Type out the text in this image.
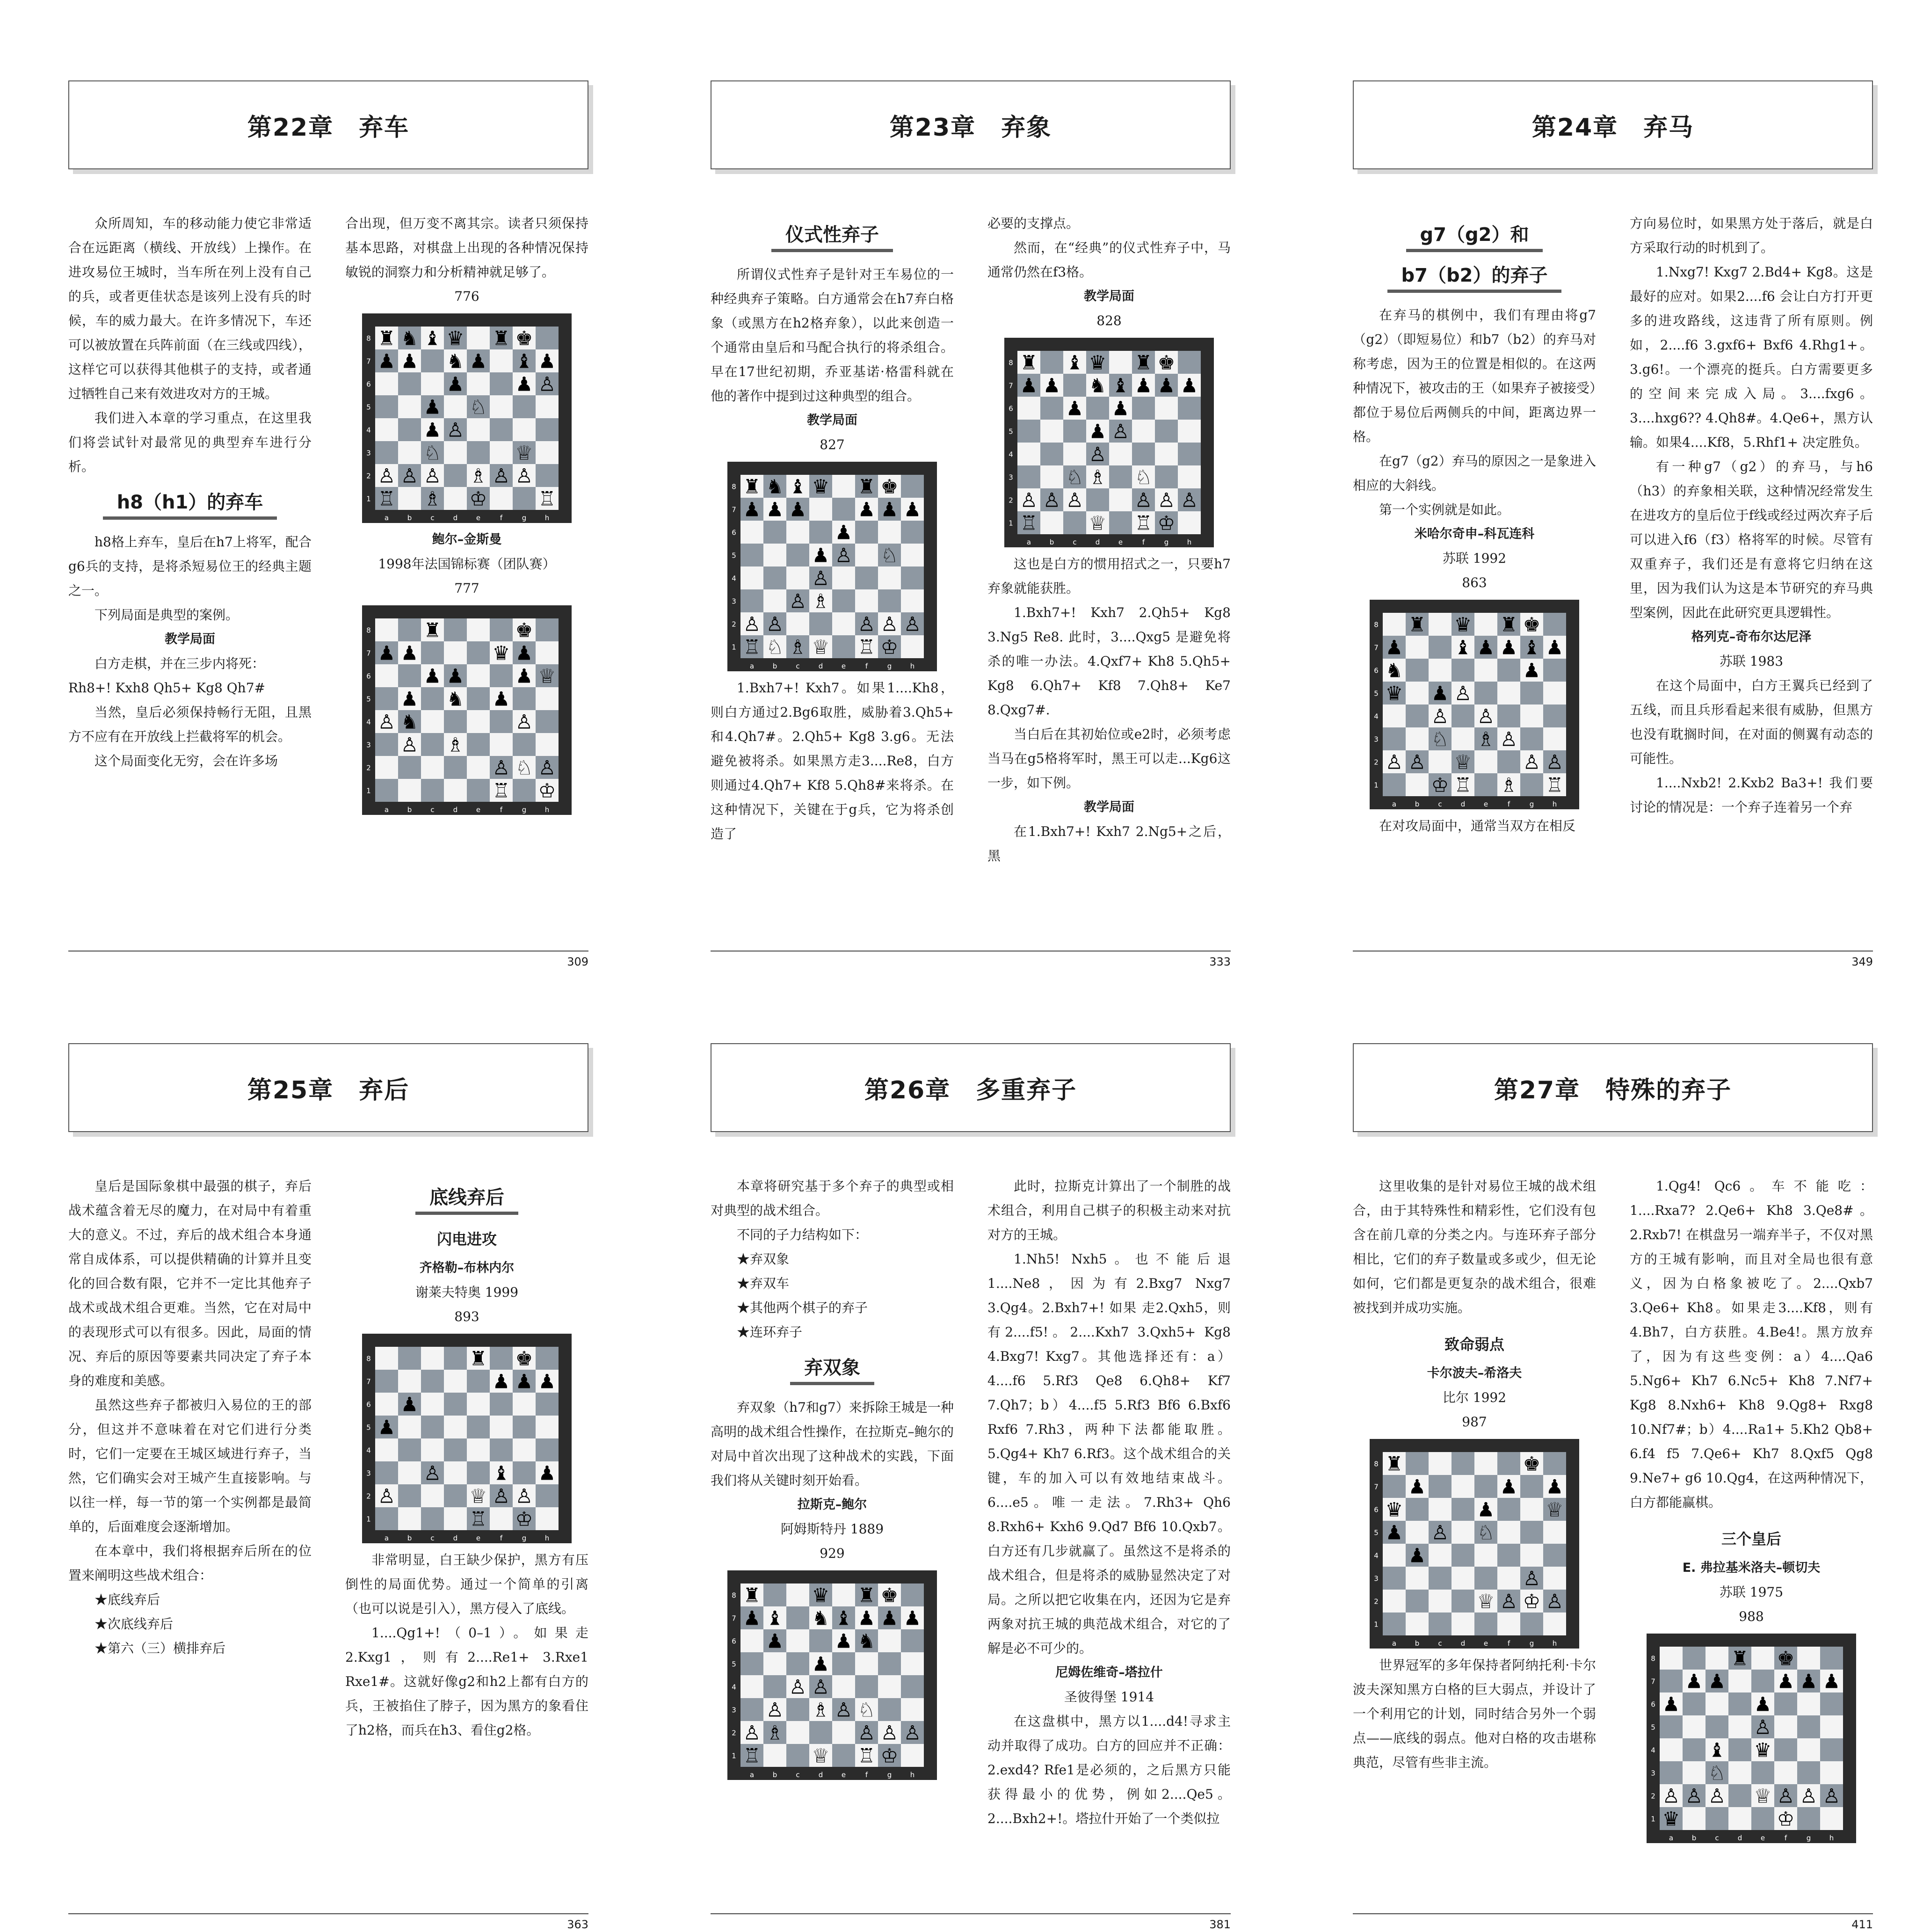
第22章　弃车

众所周知，车的移动能力使它非常适合在远距离（横线、开放线）上操作。在进攻易位王城时，当车所在列上没有自己的兵，或者更佳状态是该列上没有兵的时候，车的威力最大。在许多情况下，车还可以被放置在兵阵前面（在三线或四线），这样它可以获得其他棋子的支持，或者通过牺牲自己来有效进攻对方的王城。

我们进入本章的学习重点，在这里我们将尝试针对最常见的典型弃车进行分析。

h8（h1）的弃车

h8格上弃车，皇后在h7上将军，配合g6兵的支持，是将杀短易位王的经典主题之一。

下列局面是典型的案例。

教学局面

白方走棋，并在三步内将死：

Rh8+! Kxh8 Qh5+ Kg8 Qh7#

当然，皇后必须保持畅行无阻，且黑方不应有在开放线上拦截将军的机会。

这个局面变化无穷，会在许多场

合出现，但万变不离其宗。读者只须保持基本思路，对棋盘上出现的各种情况保持敏锐的洞察力和分析精神就足够了。

776

♜ ♞ ♝ ♛ ♜ ♚
♟ ♟ ♞ ♟ ♝ ♟
♟	♟ ♙
♟ ♘
♟ ♙
♘	♕
♙ ♙ ♙ ♗ ♙ ♙
♖ ♗ ♔	♖
8
a
7
b
6
c
5
d
4
e
3
f
2
g
1
h

鲍尔–金斯曼

1998年法国锦标赛（团队赛）

777

♜	♚
♟ ♟	♛ ♟
♟ ♟	♟ ♕
♟ ♞ ♟
♙ ♞	♙
♙ ♗
♙ ♘ ♙
♖ ♔
8
a
7
b
6
c
5
d
4
e
3
f
2
g
1
h
309
第23章　弃象
仪式性弃子

所谓仪式性弃子是针对王车易位的一种经典弃子策略。白方通常会在h7弃白格象（或黑方在h2格弃象），以此来创造一个通常由皇后和马配合执行的将杀组合。早在17世纪初期，乔亚基诺·格雷科就在他的著作中提到过这种典型的组合。

教学局面

827

♜ ♞ ♝ ♛ ♜ ♚
♟ ♟ ♟	♟ ♟ ♟
♟
♟ ♙ ♘
♙
♙ ♗
♙ ♙	♙ ♙ ♙
♖ ♘ ♗ ♕ ♖ ♔
8
a
7
b
6
c
5
d
4
e
3
f
2
g
1
h

1.Bxh7+! Kxh7。如果1....Kh8，则白方通过2.Bg6取胜，威胁着3.Qh5+ 和4.Qh7#。2.Qh5+ Kg8 3.g6。无法避免被将杀。如果黑方走3....Re8，白方则通过4.Qh7+ Kf8 5.Qh8#来将杀。在这种情况下，关键在于g兵，它为将杀创造了

必要的支撑点。

然而，在“经典”的仪式性弃子中，马通常仍然在f3格。

教学局面

828

♜ ♝ ♛ ♜ ♚
♟ ♟ ♞ ♝ ♟ ♟ ♟
♟ ♟
♟ ♙
♙
♘ ♗ ♘
♙ ♙ ♙	♙ ♙ ♙
♖	♕ ♖ ♔
8
a
7
b
6
c
5
d
4
e
3
f
2
g
1
h

这也是白方的惯用招式之一，只要h7弃象就能获胜。

1.Bxh7+! Kxh7 2.Qh5+ Kg8 3.Ng5 Re8. 此时，3....Qxg5 是避免将杀的唯一办法。4.Qxf7+ Kh8 5.Qh5+ Kg8 6.Qh7+ Kf8 7.Qh8+ Ke7 8.Qxg7#.

当白后在其初始位或e2时，必须考虑当马在g5格将军时，黑王可以走...Kg6这一步，如下例。

教学局面

在1.Bxh7+! Kxh7 2.Ng5+之后，黑

333
第24章　弃马
g7（g2）和
b7（b2）的弃子

在弃马的棋例中，我们有理由将g7（g2）（即短易位）和b7（b2）的弃马对称考虑，因为王的位置是相似的。在这两种情况下，被攻击的王（如果弃子被接受）都位于易位后两侧兵的中间，距离边界一格。

在g7（g2）弃马的原因之一是象进入相应的大斜线。

第一个实例就是如此。

米哈尔奇申–科瓦连科

苏联 1992

863

♜ ♛ ♜ ♚
♟	♝ ♟ ♟ ♝ ♟
♞	♟
♛ ♟ ♙
♙ ♙
♘ ♗ ♙
♙ ♙ ♕	♙ ♙
♔ ♖ ♗ ♖
8
a
7
b
6
c
5
d
4
e
3
f
2
g
1
h

在对攻局面中，通常当双方在相反

方向易位时，如果黑方处于落后，就是白方采取行动的时机到了。

1.Nxg7! Kxg7 2.Bd4+ Kg8。这是最好的应对。如果2....f6 会让白方打开更多的进攻路线，这违背了所有原则。例如，2....f6 3.gxf6+ Bxf6 4.Rhg1+。3.g6!。一个漂亮的挺兵。白方需要更多的空间来完成入局。3....fxg6。3....hxg6?? 4.Qh8#。4.Qe6+，黑方认输。如果4....Kf8，5.Rhf1+ 决定胜负。

有一种g7（g2）的弃马，与h6（h3）的弃象相关联，这种情况经常发生在进攻方的皇后位于f线或经过两次弃子后可以进入f6（f3）格将军的时候。尽管有双重弃子，我们还是有意将它归纳在这里，因为我们认为这是本节研究的弃马典型案例，因此在此研究更具逻辑性。

格列克–奇布尔达尼泽

苏联 1983

在这个局面中，白方王翼兵已经到了五线，而且兵形看起来很有威胁，但黑方也没有耽搁时间，在对面的侧翼有动态的可能性。

1....Nxb2! 2.Kxb2 Ba3+! 我们要讨论的情况是：一个弃子连着另一个弃

349
第25章　弃后

皇后是国际象棋中最强的棋子，弃后战术蕴含着无尽的魔力，在对局中有着重大的意义。不过，弃后的战术组合本身通常自成体系，可以提供精确的计算并且变化的回合数有限，它并不一定比其他弃子战术或战术组合更难。当然，它在对局中的表现形式可以有很多。因此，局面的情况、弃后的原因等要素共同决定了弃子本身的难度和美感。

虽然这些弃子都被归入易位的王的部分，但这并不意味着在对它们进行分类时，它们一定要在王城区域进行弃子，当然，它们确实会对王城产生直接影响。与以往一样，每一节的第一个实例都是最简单的，后面难度会逐渐增加。

在本章中，我们将根据弃后所在的位置来阐明这些战术组合：

★底线弃后

★次底线弃后

★第六（三）横排弃后

底线弃后

闪电进攻

齐格勒–布林内尔

谢莱夫特奥 1999

893

♜ ♚
♟ ♟ ♟
♟
♟
♙	♝ ♟
♙	♕ ♙ ♙
♖ ♔
8
a
7
b
6
c
5
d
4
e
3
f
2
g
1
h

非常明显，白王缺少保护，黑方有压倒性的局面优势。通过一个简单的引离（也可以说是引入），黑方侵入了底线。

1....Qg1+!（0–1）。如果走2.Kxg1，则有2....Re1+ 3.Rxe1 Rxe1#。这就好像g2和h2上都有白方的兵，王被掐住了脖子，因为黑方的象看住了h2格，而兵在h3、看住g2格。

363
第26章　多重弃子

本章将研究基于多个弃子的典型或相对典型的战术组合。

不同的子力结构如下：

★弃双象

★弃双车

★其他两个棋子的弃子

★连环弃子

弃双象

弃双象（h7和g7）来拆除王城是一种高明的战术组合性操作，在拉斯克–鲍尔的对局中首次出现了这种战术的实践，下面我们将从关键时刻开始看。

拉斯克–鲍尔

阿姆斯特丹 1889

929

♜	♛ ♜ ♚
♟ ♝ ♞ ♝ ♟ ♟ ♟
♟	♟ ♞
♟
♙ ♙
♙ ♗ ♙ ♘
♙ ♗	♙ ♙ ♙
♖	♕ ♖ ♔
8
a
7
b
6
c
5
d
4
e
3
f
2
g
1
h

此时，拉斯克计算出了一个制胜的战术组合，利用自己棋子的积极主动来对抗对方的王城。

1.Nh5! Nxh5。也不能后退1....Ne8，因为有2.Bxg7 Nxg7 3.Qg4。2.Bxh7+! 如果 走2.Qxh5，则有2....f5!。2....Kxh7 3.Qxh5+ Kg8 4.Bxg7! Kxg7。其他选择还有：a）4....f6 5.Rf3 Qe8 6.Qh8+ Kf7 7.Qh7；b）4....f5 5.Rf3 Bf6 6.Bxf6 Rxf6 7.Rh3，两种下法都能取胜。5.Qg4+ Kh7 6.Rf3。这个战术组合的关键，车的加入可以有效地结束战斗。6....e5。唯一走法。7.Rh3+ Qh6 8.Rxh6+ Kxh6 9.Qd7 Bf6 10.Qxb7。白方还有几步就赢了。虽然这不是将杀的战术组合，但是将杀的威胁显然决定了对局。之所以把它收集在内，还因为它是弃两象对抗王城的典范战术组合，对它的了解是必不可少的。

尼姆佐维奇–塔拉什

圣彼得堡 1914

在这盘棋中，黑方以1....d4!寻求主动并取得了成功。白方的回应并不正确：2.exd4? Rfe1是必须的，之后黑方只能获得最小的优势，例如2....Qe5。2....Bxh2+!。塔拉什开始了一个类似拉

381
第27章　特殊的弃子

这里收集的是针对易位王城的战术组合，由于其特殊性和精彩性，它们没有包含在前几章的分类之内。与连环弃子部分相比，它们的弃子数量或多或少，但无论如何，它们都是更复杂的战术组合，很难被找到并成功实施。

致命弱点

卡尔波夫–希洛夫

比尔 1992

987

♜	♚
♟	♟ ♟
♛	♟	♕
♟ ♙ ♘
♟
♙
♕ ♙ ♔ ♙
8
a
7
b
6
c
5
d
4
e
3
f
2
g
1
h

世界冠军的多年保持者阿纳托利·卡尔波夫深知黑方白格的巨大弱点，并设计了一个利用它的计划，同时结合另外一个弱点——底线的弱点。他对白格的攻击堪称典范，尽管有些非主流。

1.Qg4! Qc6。车不能吃：1....Rxa7? 2.Qe6+ Kh8 3.Qe8#。2.Rxb7! 在棋盘另一端弃半子，不仅对黑方的王城有影响，而且对全局也很有意义，因为白格象被吃了。2....Qxb7 3.Qe6+ Kh8。如果走3....Kf8，则有4.Bh7，白方获胜。4.Be4!。黑方放弃了，因为有这些变例：a）4....Qa6 5.Ng6+ Kh7 6.Nc5+ Kh8 7.Nf7+ Kg8 8.Nxh6+ Kh8 9.Qg8+ Rxg8 10.Nf7#；b）4....Ra1+ 5.Kh2 Qb8+ 6.f4 f5 7.Qe6+ Kh7 8.Qxf5 Qg8 9.Ne7+ g6 10.Qg4，在这两种情况下，白方都能赢棋。

三个皇后

E. 弗拉基米洛夫–顿切夫

苏联 1975

988

♜ ♚
♟ ♟	♟ ♟ ♟
♟	♟
♙
♝ ♛
♘
♙ ♙ ♙ ♕ ♙ ♙ ♙
♛	♔
8
a
7
b
6
c
5
d
4
e
3
f
2
g
1
h
411
